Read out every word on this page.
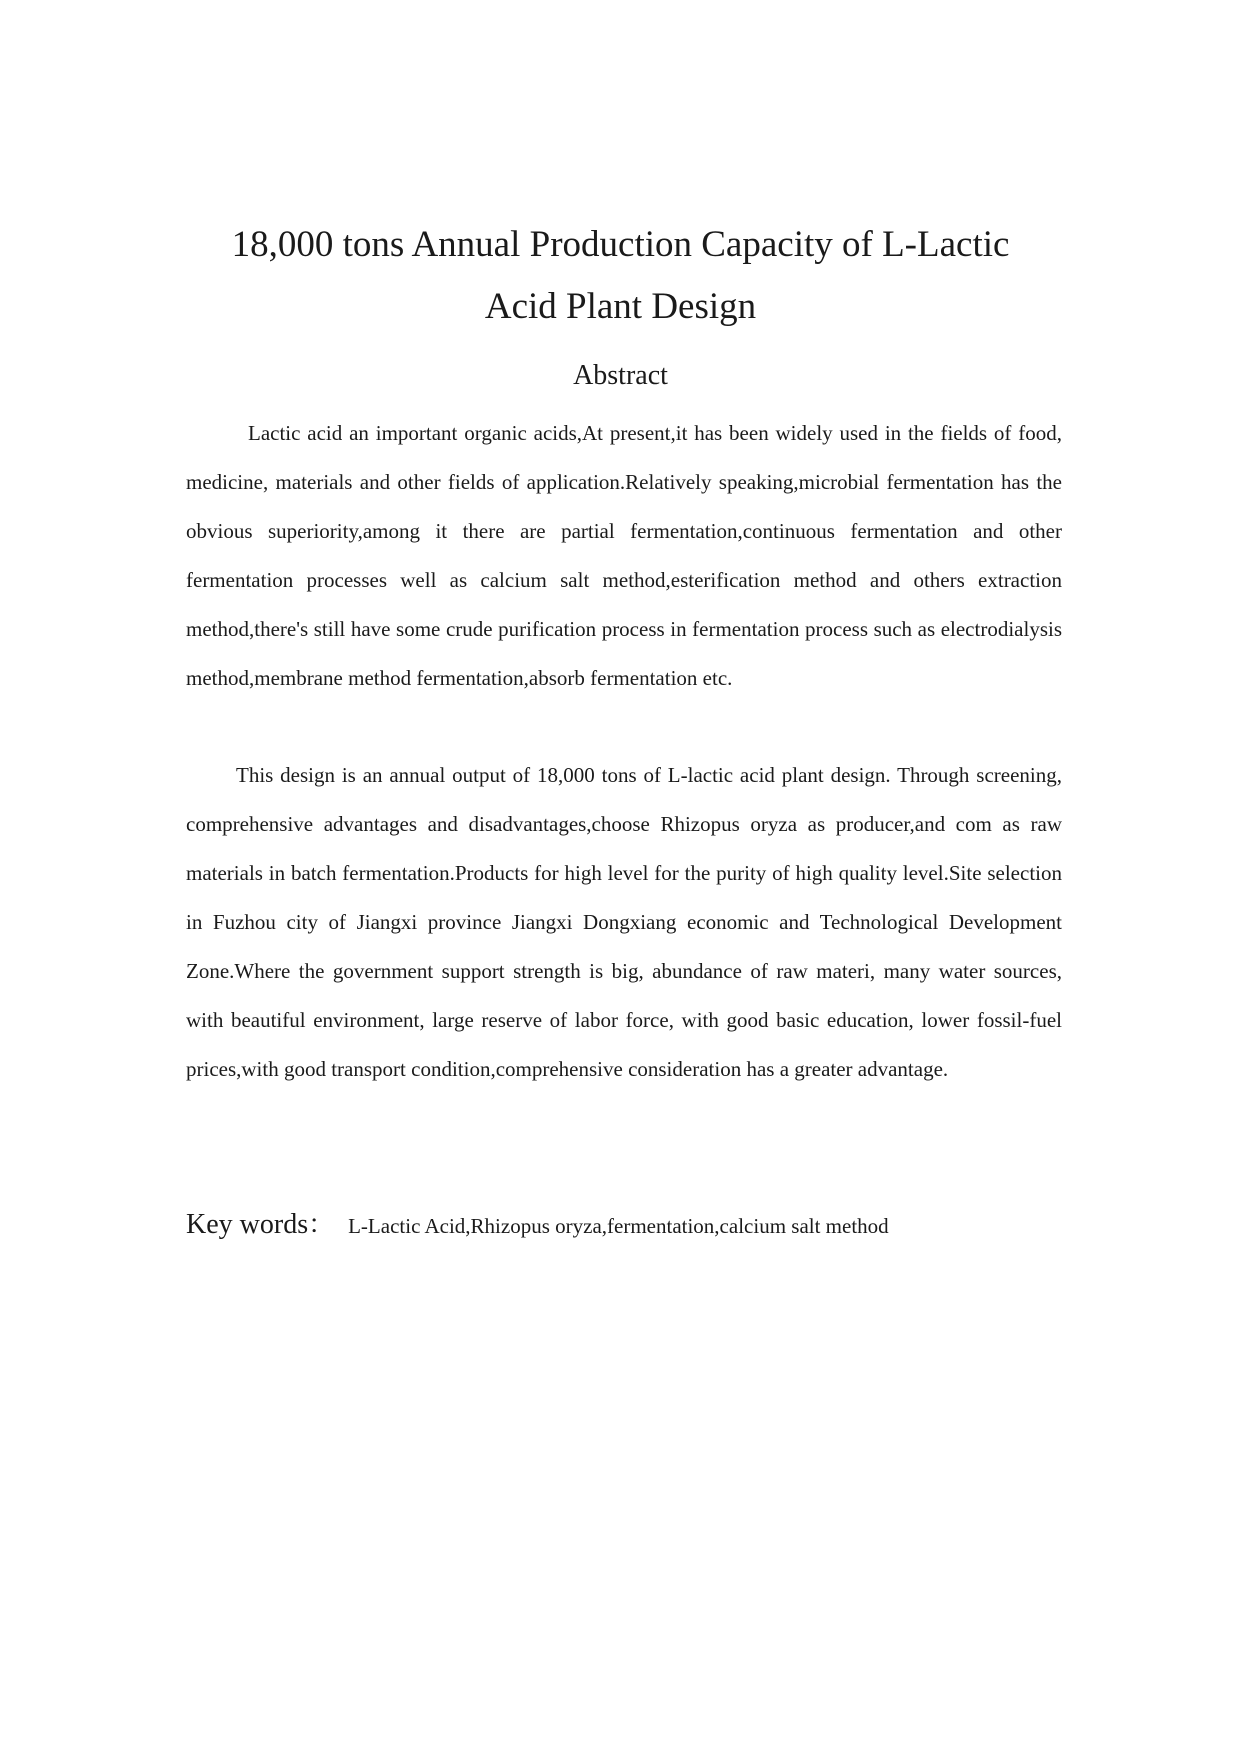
18,000 tons Annual Production Capacity of L-Lactic
Acid Plant Design
Abstract

Lactic acid an important organic acids,At present,it has been widely used in the fields of food, medicine, materials and other fields of application.Relatively speaking,microbial fermentation has the obvious superiority,among it there are partial fermentation,continuous fermentation and other fermentation processes well as calcium salt method,esterification method and others extraction method,there's still have some crude purification process in fermentation process such as electrodialysis method,membrane method fermentation,absorb fermentation etc.

This design is an annual output of 18,000 tons of L-lactic acid plant design. Through screening, comprehensive advantages and disadvantages,choose Rhizopus oryza as producer,and com as raw materials in batch fermentation.Products for high level for the purity of high quality level.Site selection in Fuzhou city of Jiangxi province Jiangxi Dongxiang economic and Technological Development Zone.Where the government support strength is big, abundance of raw materi, many water sources, with beautiful environment, large reserve of labor force, with good basic education, lower fossil-fuel prices,with good transport condition,comprehensive consideration has a greater advantage.

Key words： L-Lactic Acid,Rhizopus oryza,fermentation,calcium salt method
